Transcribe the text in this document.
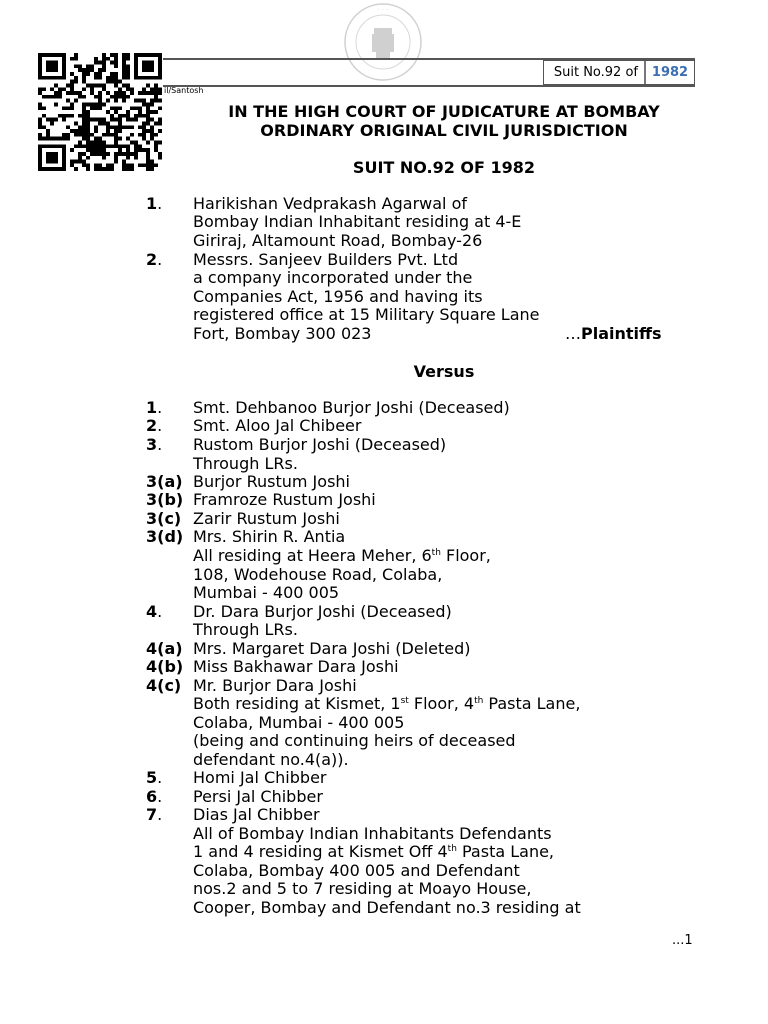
· · ·
Suit No.92 of	1982
il/Santosh
IN THE HIGH COURT OF JUDICATURE AT BOMBAY
ORDINARY ORIGINAL CIVIL JURISDICTION
SUIT NO.92 OF 1982
1. Harikishan Vedprakash Agarwal of
Bombay Indian Inhabitant residing at 4-E
Giriraj, Altamount Road, Bombay-26
2. Messrs. Sanjeev Builders Pvt. Ltd
a company incorporated under the
Companies Act, 1956 and having its
registered office at 15 Military Square Lane
Fort, Bombay 300 023	…Plaintiffs
Versus
1. Smt. Dehbanoo Burjor Joshi (Deceased)
2. Smt. Aloo Jal Chibeer
3. Rustom Burjor Joshi (Deceased)
Through LRs.
3(a) Burjor Rustum Joshi
3(b) Framroze Rustum Joshi
3(c) Zarir Rustum Joshi
3(d) Mrs. Shirin R. Antia
All residing at Heera Meher, 6th Floor,
108, Wodehouse Road, Colaba,
Mumbai - 400 005
4. Dr. Dara Burjor Joshi (Deceased)
Through LRs.
4(a) Mrs. Margaret Dara Joshi (Deleted)
4(b) Miss Bakhawar Dara Joshi
4(c) Mr. Burjor Dara Joshi
Both residing at Kismet, 1st Floor, 4th Pasta Lane,
Colaba, Mumbai - 400 005
(being and continuing heirs of deceased
defendant no.4(a)).
5. Homi Jal Chibber
6. Persi Jal Chibber
7. Dias Jal Chibber
All of Bombay Indian Inhabitants Defendants
1 and 4 residing at Kismet Off 4th Pasta Lane,
Colaba, Bombay 400 005 and Defendant
nos.2 and 5 to 7 residing at Moayo House,
Cooper, Bombay and Defendant no.3 residing at
...1
